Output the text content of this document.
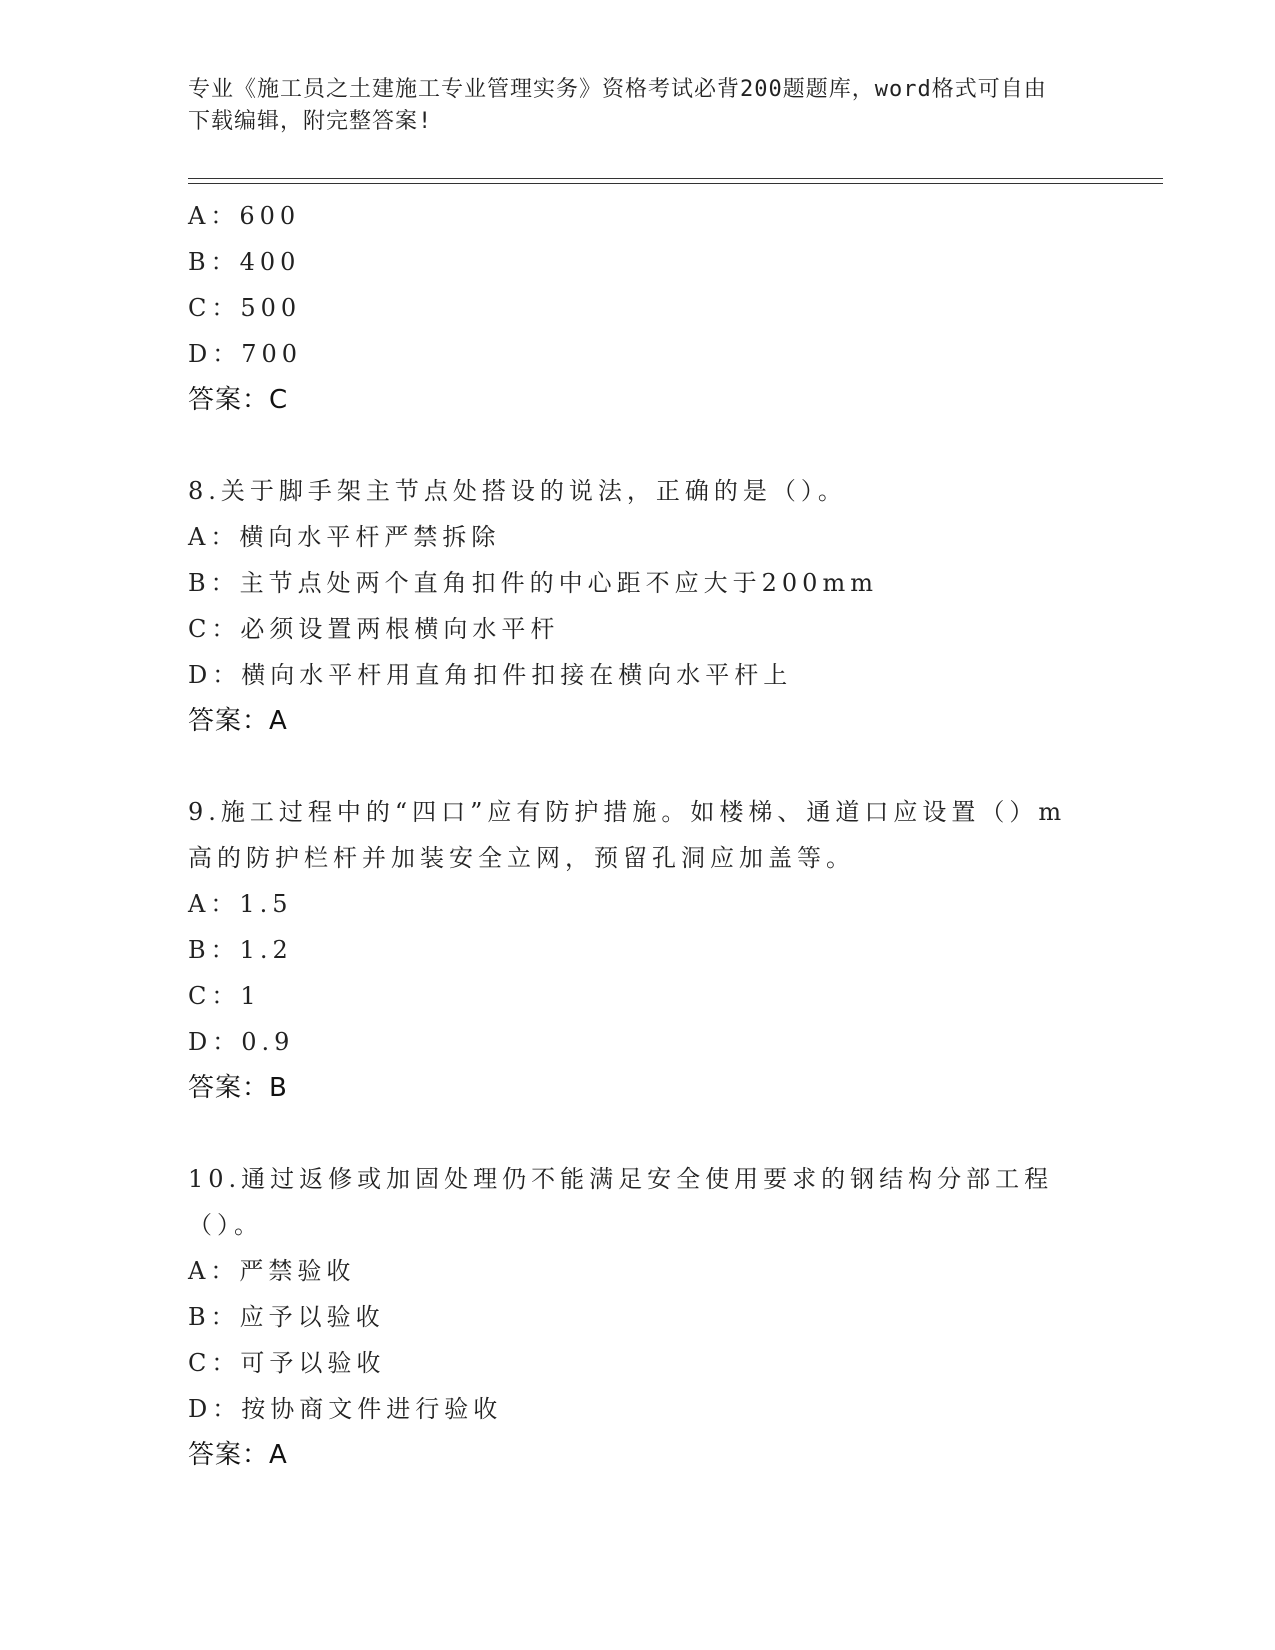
专业《施工员之土建施工专业管理实务》资格考试必背200题题库，word格式可自由下载编辑，附完整答案!
A：600
B：400
C：500
D：700
答案：C
8.关于脚手架主节点处搭设的说法，正确的是（）。
A：横向水平杆严禁拆除
B：主节点处两个直角扣件的中心距不应大于200mm
C：必须设置两根横向水平杆
D：横向水平杆用直角扣件扣接在横向水平杆上
答案：A
9.施工过程中的“四口”应有防护措施。如楼梯、通道口应设置（）m高的防护栏杆并加装安全立网，预留孔洞应加盖等。
A：1.5
B：1.2
C：1
D：0.9
答案：B
10.通过返修或加固处理仍不能满足安全使用要求的钢结构分部工程（）。
A：严禁验收
B：应予以验收
C：可予以验收
D：按协商文件进行验收
答案：A
